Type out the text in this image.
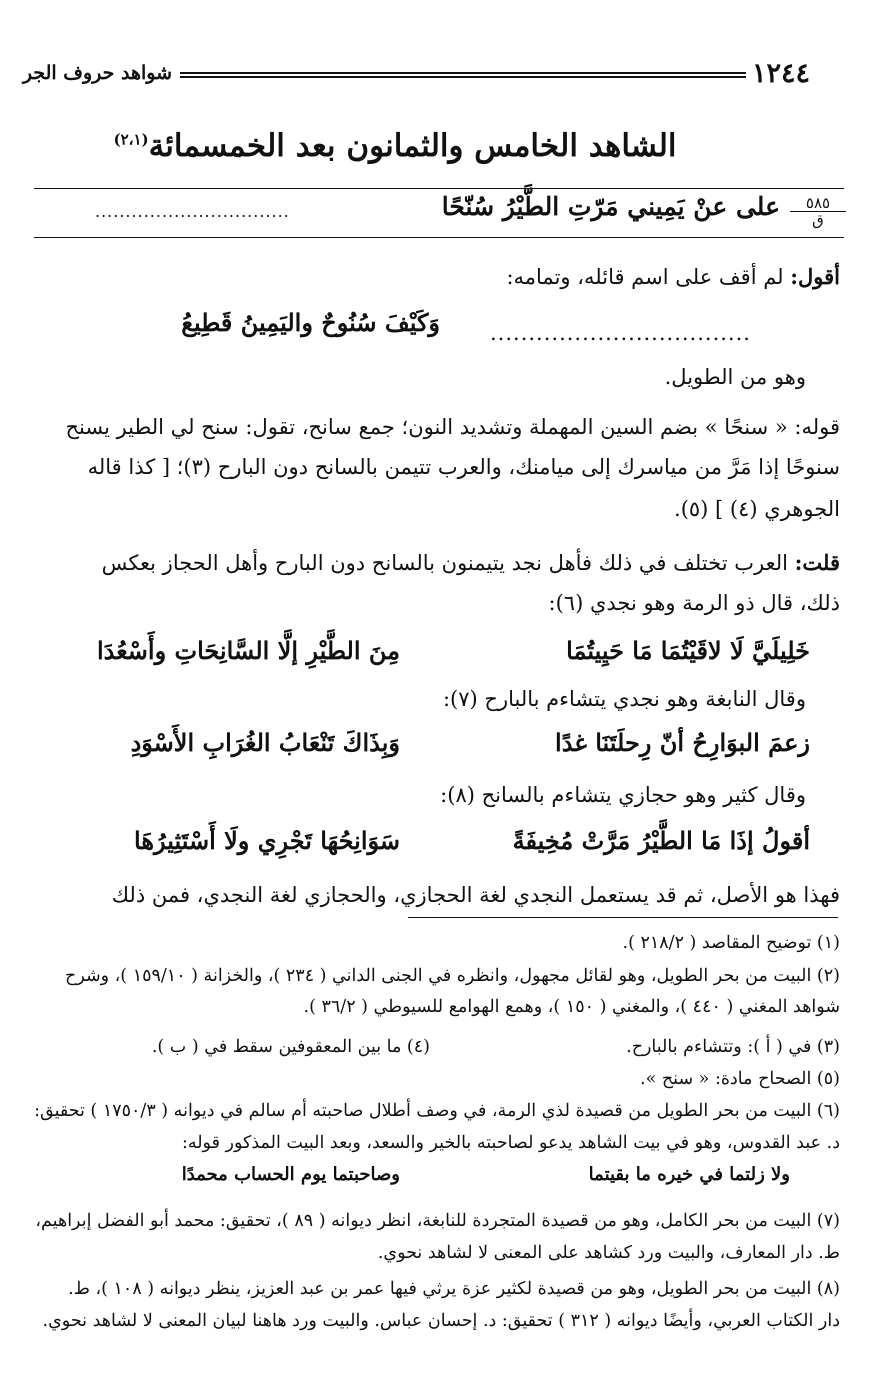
١٢٤٤
شواهد حروف الجر
الشاهد الخامس والثمانون بعد الخمسمائة$^{(٢،١)}$
٥٨٥
ق
على عنْ يَمِيني مَرّتِ الطَّيْرُ سُنّحًا
................................
أقول: لم أقف على اسم قائله، وتمامه:
..................................
وَكَيْفَ سُنُوحٌ واليَمِينُ قَطِيعُ
وهو من الطويل.
قوله: « سنحًا » بضم السين المهملة وتشديد النون؛ جمع سانح، تقول: سنح لي الطير يسنح
سنوحًا إذا مَرَّ من مياسرك إلى ميامنك، والعرب تتيمن بالسانح دون البارح (٣)؛ [ كذا قاله
الجوهري (٤) ] (٥).
قلت: العرب تختلف في ذلك فأهل نجد يتيمنون بالسانح دون البارح وأهل الحجاز بعكس
ذلك، قال ذو الرمة وهو نجدي (٦):
خَلِيلَيَّ لَا لاقَيْتُمَا مَا حَيِيتُمَا
مِنَ الطَّيْرِ إلَّا السَّانِحَاتِ وأَسْعُدَا
وقال النابغة وهو نجدي يتشاءم بالبارح (٧):
زعمَ البوَارِحُ أنّ رِحلَتَنَا غدًا
وَبِذَاكَ تَنْعَابُ الغُرَابِ الأَسْوَدِ
وقال كثير وهو حجازي يتشاءم بالسانح (٨):
أقولُ إذَا مَا الطَّيْرُ مَرَّتْ مُخِيفَةً
سَوَانِحُهَا تَجْرِي ولَا أَسْتَثِيرُهَا
فهذا هو الأصل، ثم قد يستعمل النجدي لغة الحجازي، والحجازي لغة النجدي، فمن ذلك
(١) توضيح المقاصد ( ٢١٨/٢ ).
(٢) البيت من بحر الطويل، وهو لقائل مجهول، وانظره في الجنى الداني ( ٢٣٤ )، والخزانة ( ١٥٩/١٠ )، وشرح
شواهد المغني ( ٤٤٠ )، والمغني ( ١٥٠ )، وهمع الهوامع للسيوطي ( ٣٦/٢ ).
(٣) في ( أ ): وتتشاءم بالبارح.
(٤) ما بين المعقوفين سقط في ( ب ).
(٥) الصحاح مادة: « سنح ».
(٦) البيت من بحر الطويل من قصيدة لذي الرمة، في وصف أطلال صاحبته أم سالم في ديوانه ( ١٧٥٠/٣ ) تحقيق:
د. عبد القدوس، وهو في بيت الشاهد يدعو لصاحبته بالخير والسعد، وبعد البيت المذكور قوله:
ولا زلتما في خيره ما بقيتما
وصاحبتما يوم الحساب محمدًا
(٧) البيت من بحر الكامل، وهو من قصيدة المتجردة للنابغة، انظر ديوانه ( ٨٩ )، تحقيق: محمد أبو الفضل إبراهيم،
ط. دار المعارف، والبيت ورد كشاهد على المعنى لا لشاهد نحوي.
(٨) البيت من بحر الطويل، وهو من قصيدة لكثير عزة يرثي فيها عمر بن عبد العزيز، ينظر ديوانه ( ١٠٨ )، ط.
دار الكتاب العربي، وأيضًا ديوانه ( ٣١٢ ) تحقيق: د. إحسان عباس. والبيت ورد هاهنا لبيان المعنى لا لشاهد نحوي.
